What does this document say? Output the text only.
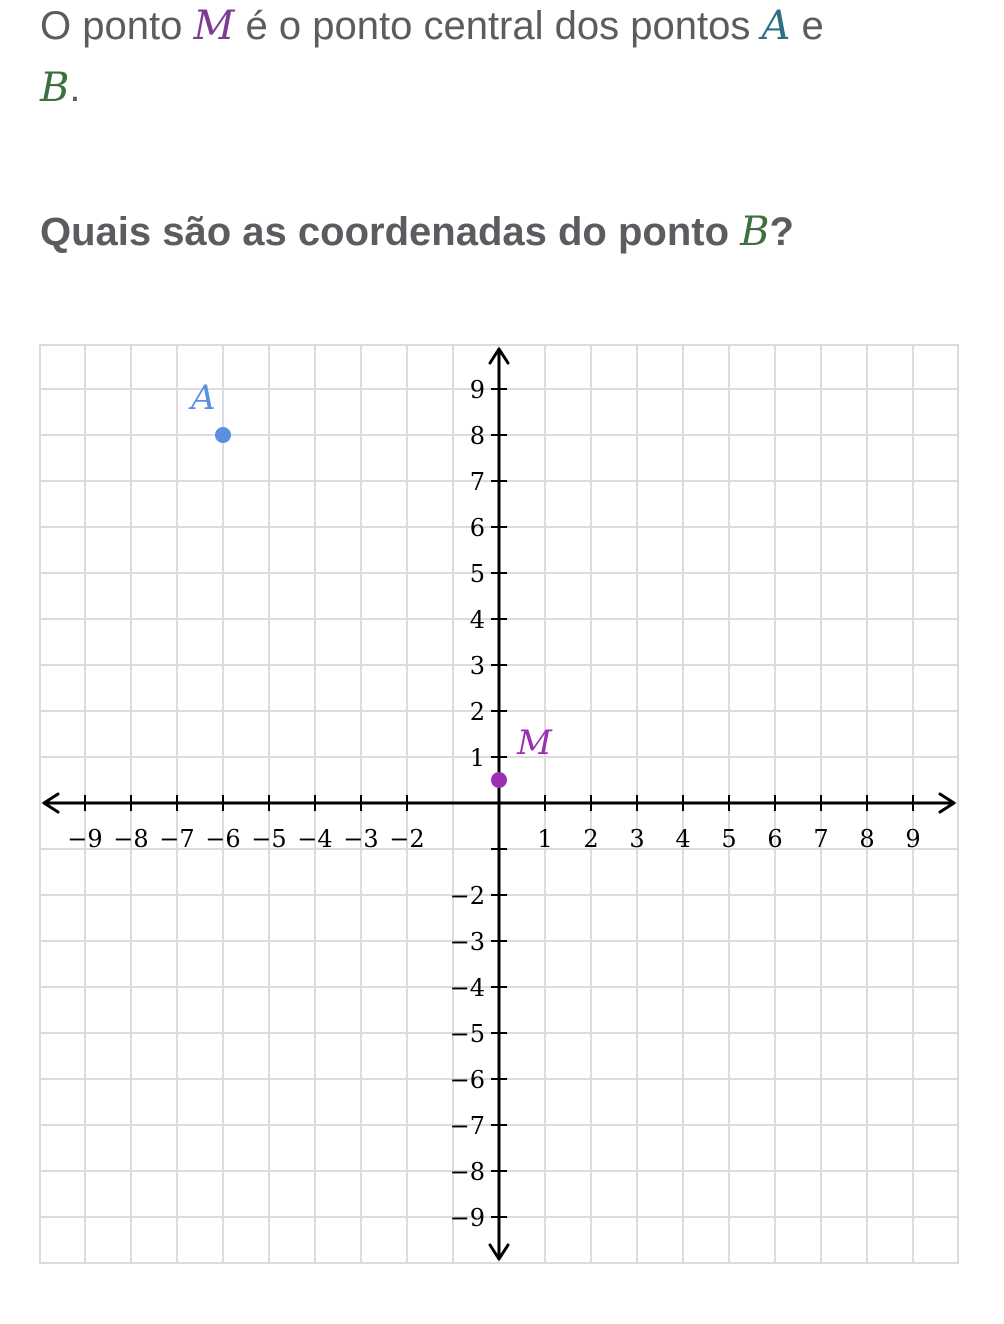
O ponto M é o ponto central dos pontos A e
B.
Quais são as coordenadas do ponto B?
−9 −8 −7 −6 −5 −4 −3 −2	1 2 3 4 5 6 7 8 9
9
8
7
6
5
4
3
2
1
−2
−3
−4
−5
−6
−7
−8
−9
A
M
